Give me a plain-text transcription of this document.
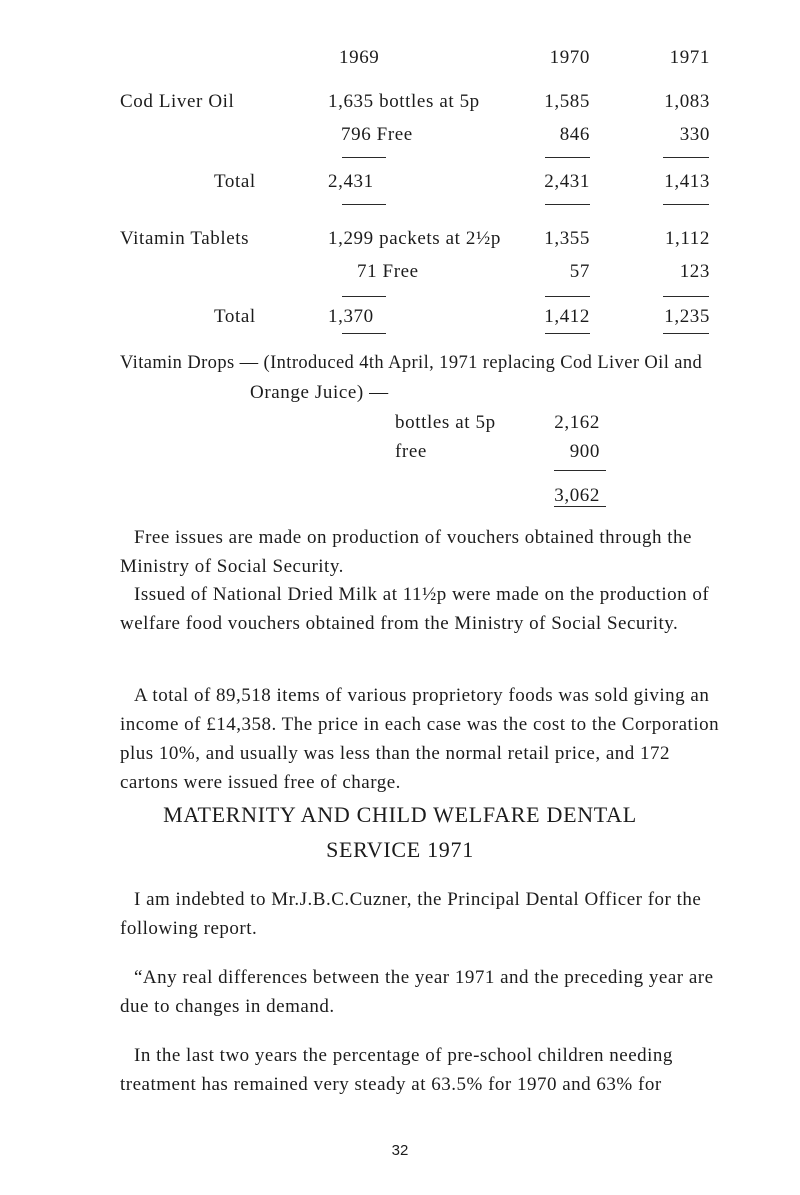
1969	1970	1971
Cod Liver Oil	1,635 bottles at 5p	1,585	1,083
796 Free	846	330
Total	2,431	2,431	1,413
Vitamin Tablets	1,299 packets at 2½p	1,355	1,112
71 Free	57	123
Total	1,370	1,412	1,235
Vitamin Drops — (Introduced 4th April, 1971 replacing Cod Liver Oil and
Orange Juice) —
bottles at 5p	2,162
free	900
3,062
Free issues are made on production of vouchers obtained through the Ministry of Social Security.
Issued of National Dried Milk at 11½p were made on the production of welfare food vouchers obtained from the Ministry of Social Security.
A total of 89,518 items of various proprietory foods was sold giving an income of £14,358. The price in each case was the cost to the Corporation plus 10%, and usually was less than the normal retail price, and 172 cartons were issued free of charge.
MATERNITY AND CHILD WELFARE DENTAL
SERVICE 1971
I am indebted to Mr.J.B.C.Cuzner, the Principal Dental Officer for the following report.
“Any real differences between the year 1971 and the preceding year are due to changes in demand.
In the last two years the percentage of pre-school children needing treatment has remained very steady at 63.5% for 1970 and 63% for
32
